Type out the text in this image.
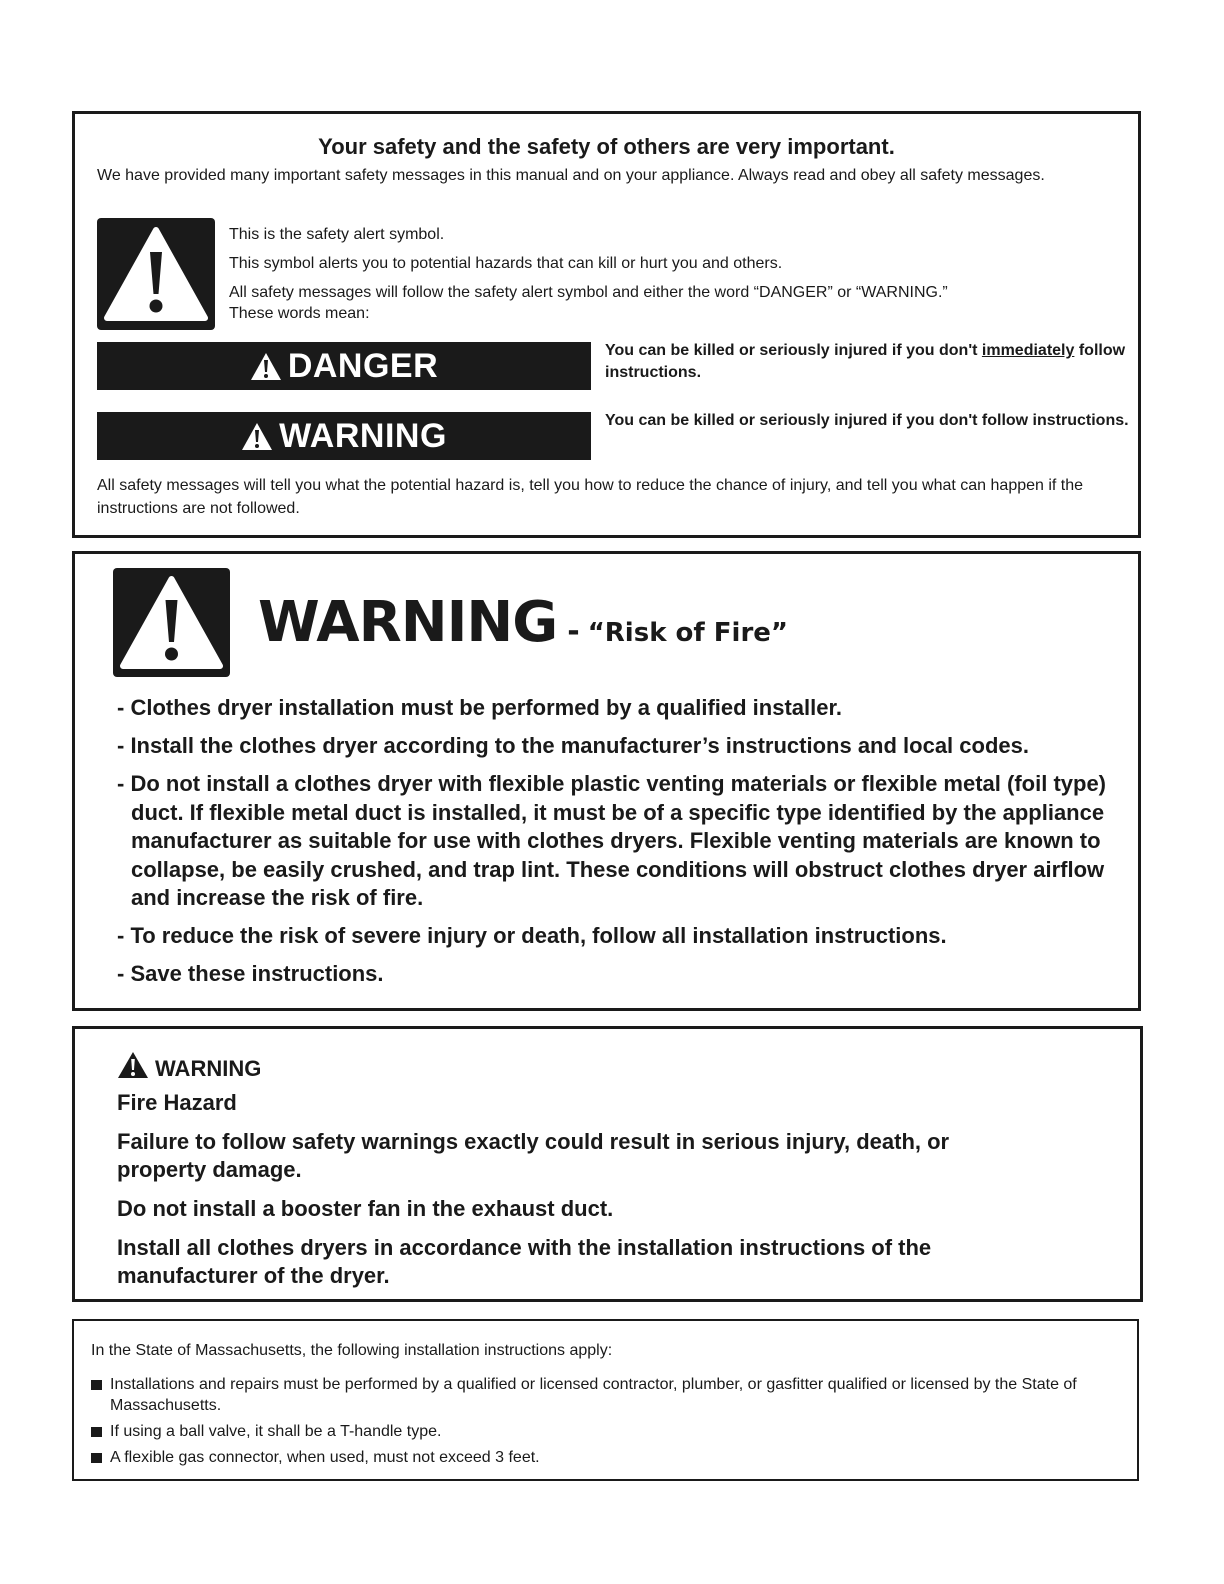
Your safety and the safety of others are very important.
We have provided many important safety messages in this manual and on your appliance. Always read and obey all safety messages.

This is the safety alert symbol.

This symbol alerts you to potential hazards that can kill or hurt you and others.

All safety messages will follow the safety alert symbol and either the word “DANGER” or “WARNING.”

These words mean:

DANGER	You can be killed or seriously injured if you don't immediately follow instructions.
WARNING	You can be killed or seriously injured if you don't follow instructions.
All safety messages will tell you what the potential hazard is, tell you how to reduce the chance of injury, and tell you what can happen if the instructions are not followed.
WARNING - “Risk of Fire”
- Clothes dryer installation must be performed by a qualified installer.
- Install the clothes dryer according to the manufacturer’s instructions and local codes.
- Do not install a clothes dryer with flexible plastic venting materials or flexible metal (foil type) duct. If flexible metal duct is installed, it must be of a specific type identified by the appliance manufacturer as suitable for use with clothes dryers. Flexible venting materials are known to collapse, be easily crushed, and trap lint. These conditions will obstruct clothes dryer airflow and increase the risk of fire.
- To reduce the risk of severe injury or death, follow all installation instructions.
- Save these instructions.
WARNING

Fire Hazard

Failure to follow safety warnings exactly could result in serious injury, death, or property damage.

Do not install a booster fan in the exhaust duct.

Install all clothes dryers in accordance with the installation instructions of the manufacturer of the dryer.

In the State of Massachusetts, the following installation instructions apply:
Installations and repairs must be performed by a qualified or licensed contractor, plumber, or gasfitter qualified or licensed by the State of Massachusetts.
If using a ball valve, it shall be a T-handle type.
A flexible gas connector, when used, must not exceed 3 feet.
